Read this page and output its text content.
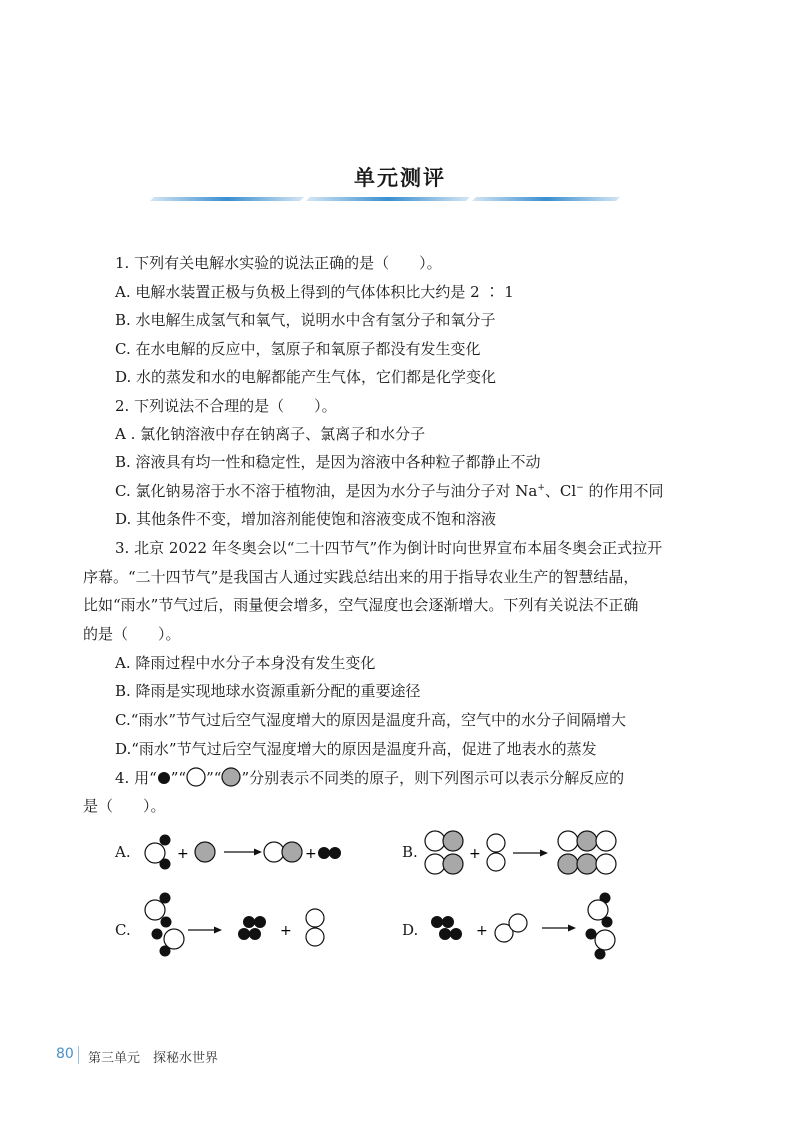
单元测评
1. 下列有关电解水实验的说法正确的是（　　）。
A. 电解水装置正极与负极上得到的气体体积比大约是 2 ∶ 1
B. 水电解生成氢气和氧气，说明水中含有氢分子和氧分子
C. 在水电解的反应中，氢原子和氧原子都没有发生变化
D. 水的蒸发和水的电解都能产生气体，它们都是化学变化
2. 下列说法不合理的是（　　）。
A . 氯化钠溶液中存在钠离子、氯离子和水分子
B. 溶液具有均一性和稳定性，是因为溶液中各种粒子都静止不动
C. 氯化钠易溶于水不溶于植物油，是因为水分子与油分子对 Na+、Cl− 的作用不同
D. 其他条件不变，增加溶剂能使饱和溶液变成不饱和溶液
3. 北京 2022 年冬奥会以“二十四节气”作为倒计时向世界宣布本届冬奥会正式拉开
序幕。“二十四节气”是我国古人通过实践总结出来的用于指导农业生产的智慧结晶，
比如“雨水”节气过后，雨量便会增多，空气湿度也会逐渐增大。下列有关说法不正确
的是（　　）。
A. 降雨过程中水分子本身没有发生变化
B. 降雨是实现地球水资源重新分配的重要途径
C.“雨水”节气过后空气湿度增大的原因是温度升高，空气中的水分子间隔增大
D.“雨水”节气过后空气湿度增大的原因是温度升高，促进了地表水的蒸发
4. 用“ ”“ ”“ ”分别表示不同类的原子，则下列图示可以表示分解反应的
是（　　）。
A.	+	+	B.	+
C.	+	D.	+
80 第三单元　探秘水世界
